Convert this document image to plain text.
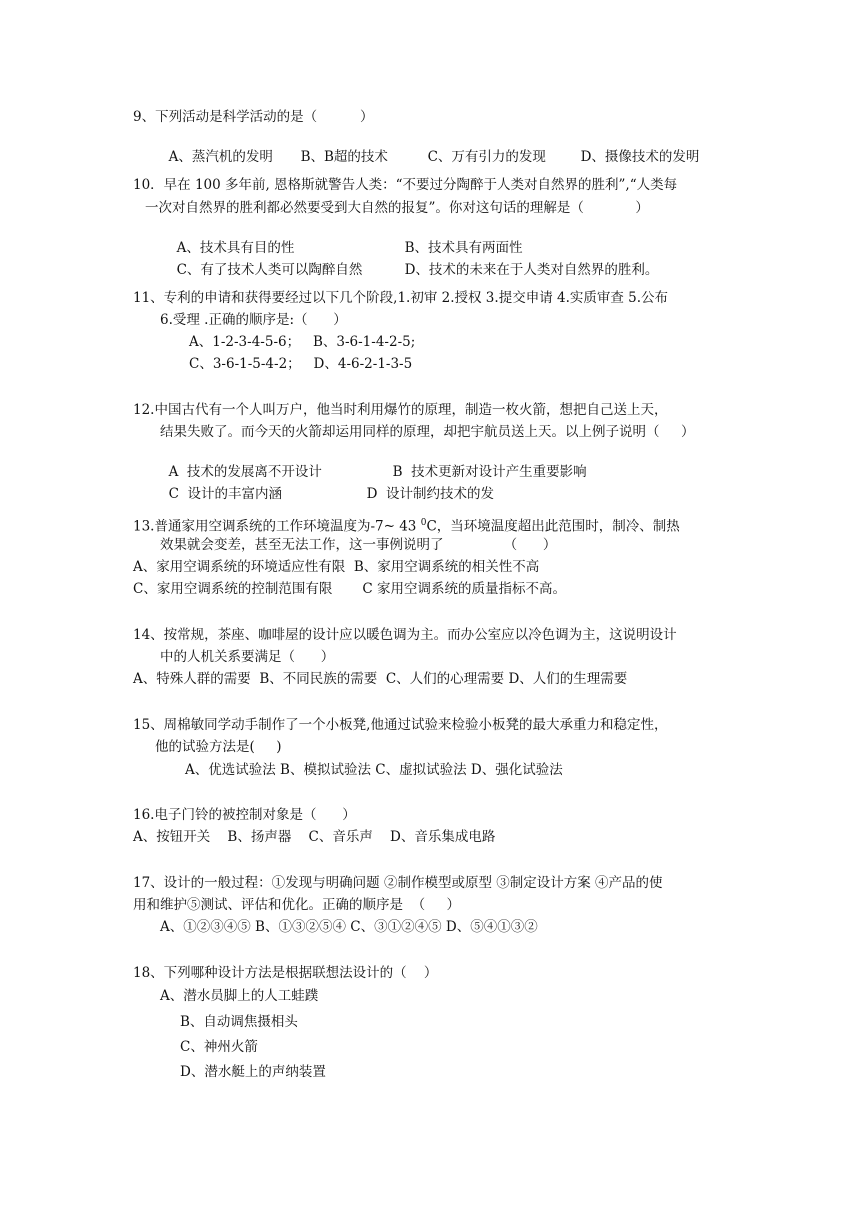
9、下列活动是科学活动的是（          ）

A、蒸汽机的发明 B、B超的技术	C、万有引力的发现	D、摄像技术的发明

10．早在 100 多年前, 恩格斯就警告人类：“不要过分陶醉于人类对自然界的胜利”,“人类每
一次对自然界的胜利都必然要受到大自然的报复”。你对这句话的理解是（            ）

A、技术具有目的性	B、技术具有两面性

C、有了技术人类可以陶醉自然	D、技术的未来在于人类对自然界的胜利。

11、专利的申请和获得要经过以下几个阶段,1.初审 2.授权 3.提交申请 4.实质审查 5.公布
6.受理 .正确的顺序是:（      ）
A、1-2-3-4-5-6；   B、3-6-1-4-2-5;
C、3-6-1-5-4-2；   D、4-6-2-1-3-5
12.中国古代有一个人叫万户，他当时利用爆竹的原理，制造一枚火箭，想把自己送上天，
结果失败了。而今天的火箭却运用同样的原理，却把宇航员送上天。以上例子说明（     ）

A  技术的发展离不开设计	B  技术更新对设计产生重要影响

C  设计的丰富内涵	D  设计制约技术的发

13.普通家用空调系统的工作环境温度为-7~ 43 $^0$C，当环境温度超出此范围时，制冷、制热
效果就会变差，甚至无法工作，这一事例说明了              （      ）
A、家用空调系统的环境适应性有限  B、家用空调系统的相关性不高
C、家用空调系统的控制范围有限       C 家用空调系统的质量指标不高。
14、按常规，茶座、咖啡屋的设计应以暖色调为主。而办公室应以冷色调为主，这说明设计
中的人机关系要满足（      ）
A、特殊人群的需要  B、不同民族的需要  C、人们的心理需要 D、人们的生理需要
15、周棉敏同学动手制作了一个小板凳,他通过试验来检验小板凳的最大承重力和稳定性，
他的试验方法是(     )
A、优选试验法 B、模拟试验法 C、虚拟试验法 D、强化试验法
16.电子门铃的被控制对象是（      ）
A、按钮开关    B、扬声器    C、音乐声    D、音乐集成电路
17、设计的一般过程：①发现与明确问题 ②制作模型或原型 ③制定设计方案 ④产品的使
用和维护⑤测试、评估和优化。正确的顺序是  （     ）
A、①②③④⑤ B、①③②⑤④ C、③①②④⑤ D、⑤④①③②
18、下列哪种设计方法是根据联想法设计的（    ）
A、潜水员脚上的人工蛙蹼
B、自动调焦摄相头
C、神州火箭
D、潜水艇上的声纳装置
